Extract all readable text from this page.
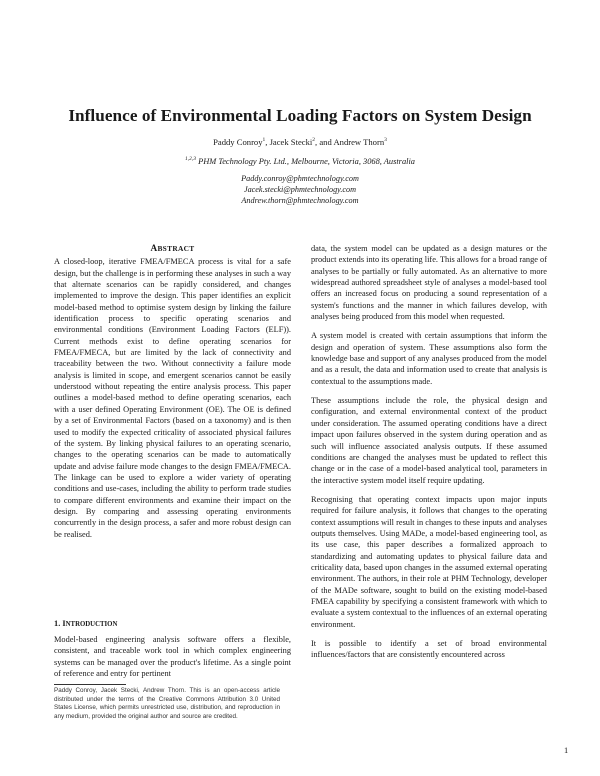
Influence of Environmental Loading Factors on System Design
Paddy Conroy$^1$, Jacek Stecki$^2$, and Andrew Thorn$^3$
$^{1,2,3}$ PHM Technology Pty. Ltd., Melbourne, Victoria, 3068, Australia
Paddy.conroy@phmtechnology.com
Jacek.stecki@phmtechnology.com
Andrew.thorn@phmtechnology.com
ABSTRACT

A closed-loop, iterative FMEA/FMECA process is vital for a safe design, but the challenge is in performing these analyses in such a way that alternate scenarios can be rapidly considered, and changes implemented to improve the design. This paper identifies an explicit model-based method to optimise system design by linking the failure identification process to specific operating scenarios and environmental conditions (Environment Loading Factors (ELF)). Current methods exist to define operating scenarios for FMEA/FMECA, but are limited by the lack of connectivity and traceability between the two. Without connectivity a failure mode analysis is limited in scope, and emergent scenarios cannot be easily understood without repeating the entire analysis process. This paper outlines a model-based method to define operating scenarios, each with a user defined Operating Environment (OE). The OE is defined by a set of Environmental Factors (based on a taxonomy) and is then used to modify the expected criticality of associated physical failures of the system. By linking physical failures to an operating scenario, changes to the operating scenarios can be made to automatically update and advise failure mode changes to the design FMEA/FMECA. The linkage can be used to explore a wider variety of operating conditions and use-cases, including the ability to perform trade studies to compare different environments and examine their impact on the design. By comparing and assessing operating environments concurrently in the design process, a safer and more robust design can be realised.

1. INTRODUCTION

Model-based engineering analysis software offers a flexible, consistent, and traceable work tool in which complex engineering systems can be managed over the product's lifetime. As a single point of reference and entry for pertinent

Paddy Conroy, Jacek Stecki, Andrew Thorn. This is an open-access article distributed under the terms of the Creative Commons Attribution 3.0 United States License, which permits unrestricted use, distribution, and reproduction in any medium, provided the original author and source are credited.

data, the system model can be updated as a design matures or the product extends into its operating life. This allows for a broad range of analyses to be partially or fully automated. As an alternative to more widespread authored spreadsheet style of analyses a model-based tool offers an increased focus on producing a sound representation of a system's functions and the manner in which failures develop, with analyses being produced from this model when requested.

A system model is created with certain assumptions that inform the design and operation of system. These assumptions also form the knowledge base and support of any analyses produced from the model and as a result, the data and information used to create that analysis is contextual to the assumptions made.

These assumptions include the role, the physical design and configuration, and external environmental context of the product under consideration. The assumed operating conditions have a direct impact upon failures observed in the system during operation and as such will influence associated analysis outputs. If these assumed conditions are changed the analyses must be updated to reflect this change or in the case of a model-based analytical tool, parameters in the interactive system model itself require updating.

Recognising that operating context impacts upon major inputs required for failure analysis, it follows that changes to the operating context assumptions will result in changes to these inputs and analyses outputs themselves. Using MADe, a model-based engineering tool, as its use case, this paper describes a formalized approach to standardizing and automating updates to physical failure data and criticality data, based upon changes in the assumed external operating environment. The authors, in their role at PHM Technology, developer of the MADe software, sought to build on the existing model-based FMEA capability by specifying a consistent framework with which to evaluate a system contextual to the influences of an external operating environment.

It is possible to identify a set of broad environmental influences/factors that are consistently encountered across

1
